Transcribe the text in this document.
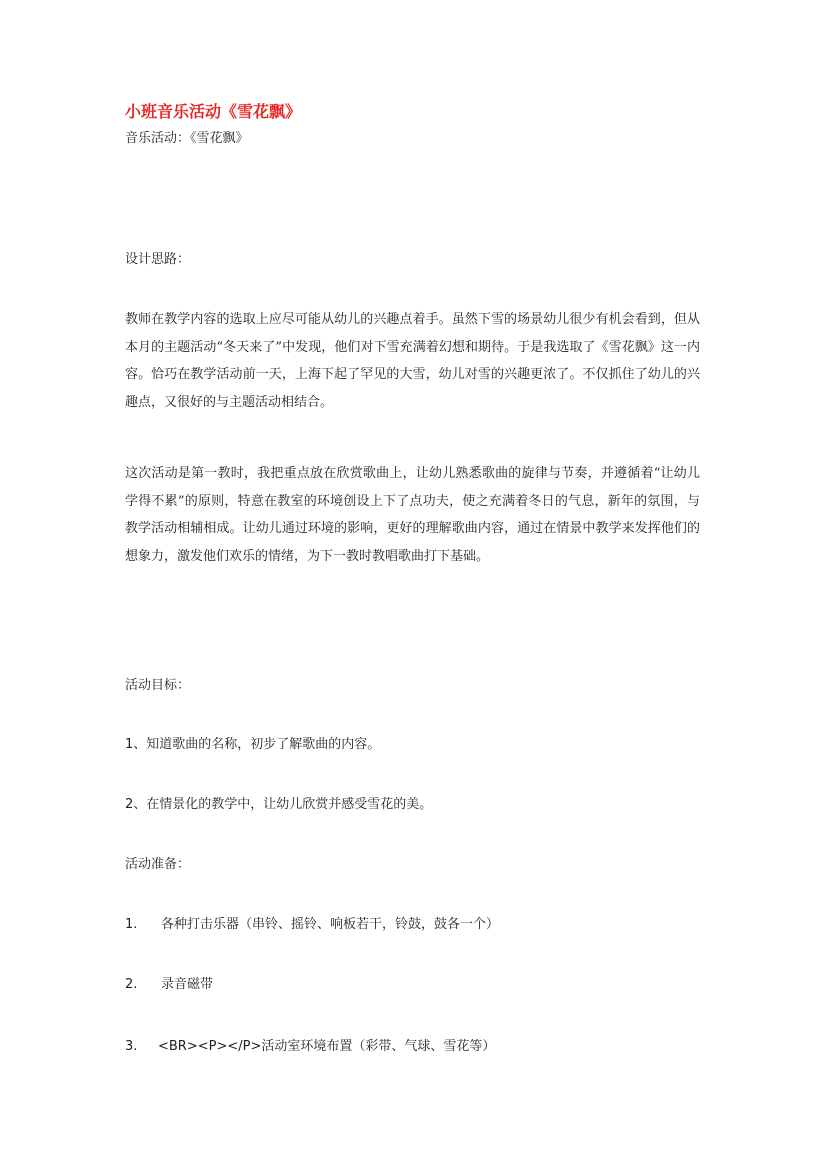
小班音乐活动《雪花飘》
音乐活动：《雪花飘》
设计思路：
教师在教学内容的选取上应尽可能从幼儿的兴趣点着手。虽然下雪的场景幼儿很少有机会看到，但从本月的主题活动“冬天来了”中发现，他们对下雪充满着幻想和期待。于是我选取了《雪花飘》这一内容。恰巧在教学活动前一天，上海下起了罕见的大雪，幼儿对雪的兴趣更浓了。不仅抓住了幼儿的兴趣点，又很好的与主题活动相结合。
这次活动是第一教时，我把重点放在欣赏歌曲上，让幼儿熟悉歌曲的旋律与节奏，并遵循着“让幼儿学得不累”的原则，特意在教室的环境创设上下了点功夫，使之充满着冬日的气息，新年的氛围，与教学活动相辅相成。让幼儿通过环境的影响，更好的理解歌曲内容，通过在情景中教学来发挥他们的想象力，激发他们欢乐的情绪，为下一教时教唱歌曲打下基础。
活动目标：
1、知道歌曲的名称，初步了解歌曲的内容。
2、在情景化的教学中，让幼儿欣赏并感受雪花的美。
活动准备：
1. 各种打击乐器（串铃、摇铃、响板若干，铃鼓，鼓各一个）
2. 录音磁带
3. <BR><P></P>活动室环境布置（彩带、气球、雪花等）
